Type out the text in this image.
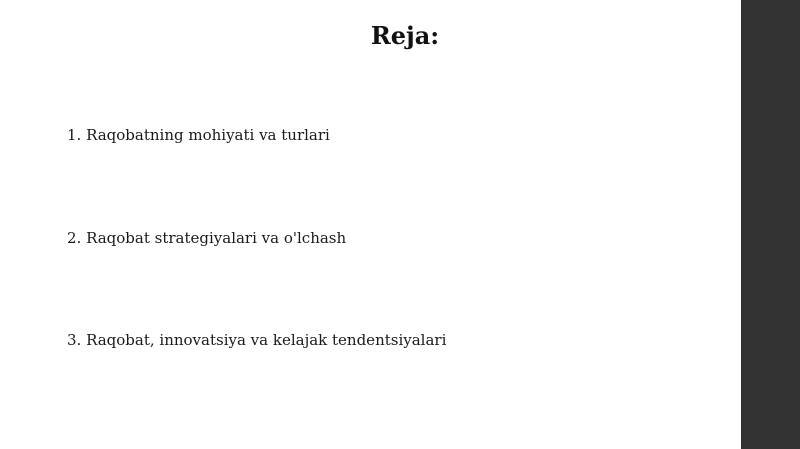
Reja:
1. Raqobatning mohiyati va turlari
2. Raqobat strategiyalari va o'lchash
3. Raqobat, innovatsiya va kelajak tendentsiyalari
